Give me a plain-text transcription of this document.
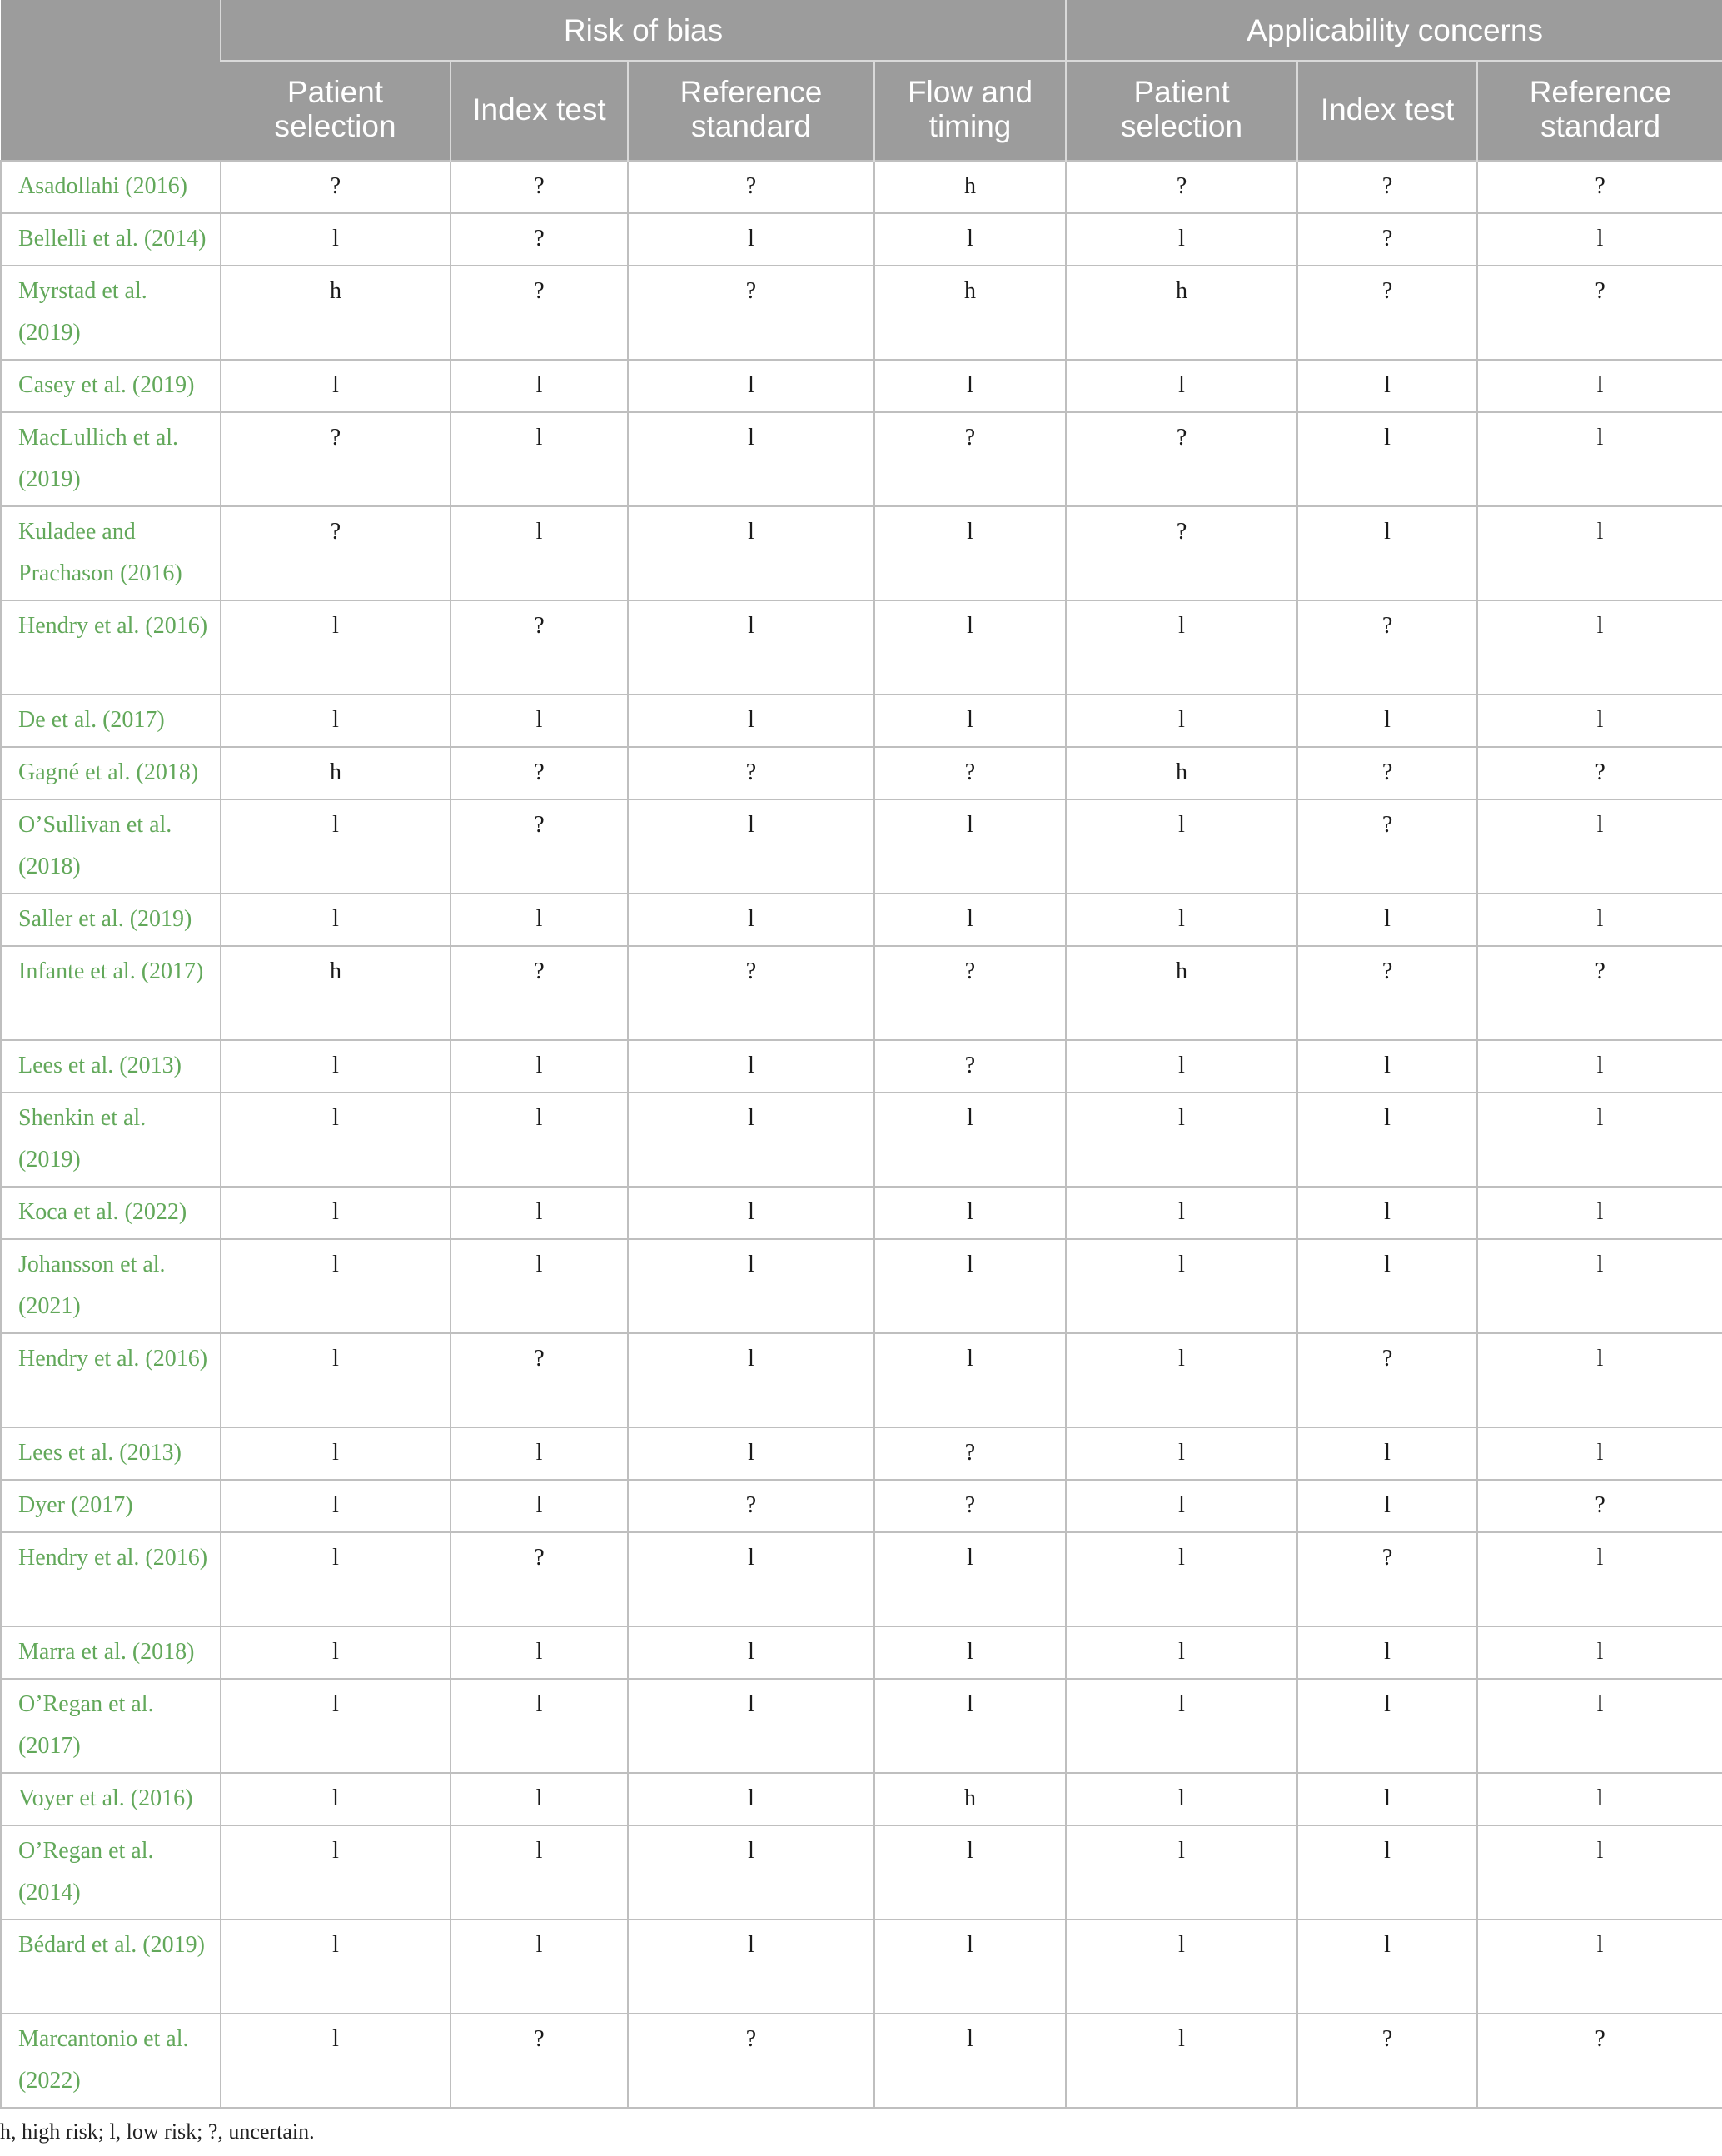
	Risk of bias				Applicability concerns		
	Patient selection	Index test	Reference standard	Flow and timing	Patient selection	Index test	Reference standard
Asadollahi (2016)	?	?	?	h	?	?	?
Bellelli et al. (2014)	l	?	l	l	l	?	l
Myrstad et al. (2019)	h	?	?	h	h	?	?
Casey et al. (2019)	l	l	l	l	l	l	l
MacLullich et al. (2019)	?	l	l	?	?	l	l
Kuladee and Prachason (2016)	?	l	l	l	?	l	l
Hendry et al. (2016)	l	?	l	l	l	?	l
De et al. (2017)	l	l	l	l	l	l	l
Gagné et al. (2018)	h	?	?	?	h	?	?
O’Sullivan et al. (2018)	l	?	l	l	l	?	l
Saller et al. (2019)	l	l	l	l	l	l	l
Infante et al. (2017)	h	?	?	?	h	?	?
Lees et al. (2013)	l	l	l	?	l	l	l
Shenkin et al. (2019)	l	l	l	l	l	l	l
Koca et al. (2022)	l	l	l	l	l	l	l
Johansson et al. (2021)	l	l	l	l	l	l	l
Hendry et al. (2016)	l	?	l	l	l	?	l
Lees et al. (2013)	l	l	l	?	l	l	l
Dyer (2017)	l	l	?	?	l	l	?
Hendry et al. (2016)	l	?	l	l	l	?	l
Marra et al. (2018)	l	l	l	l	l	l	l
O’Regan et al. (2017)	l	l	l	l	l	l	l
Voyer et al. (2016)	l	l	l	h	l	l	l
O’Regan et al. (2014)	l	l	l	l	l	l	l
Bédard et al. (2019)	l	l	l	l	l	l	l
Marcantonio et al. (2022)	l	?	?	l	l	?	?
h, high risk; l, low risk; ?, uncertain.
